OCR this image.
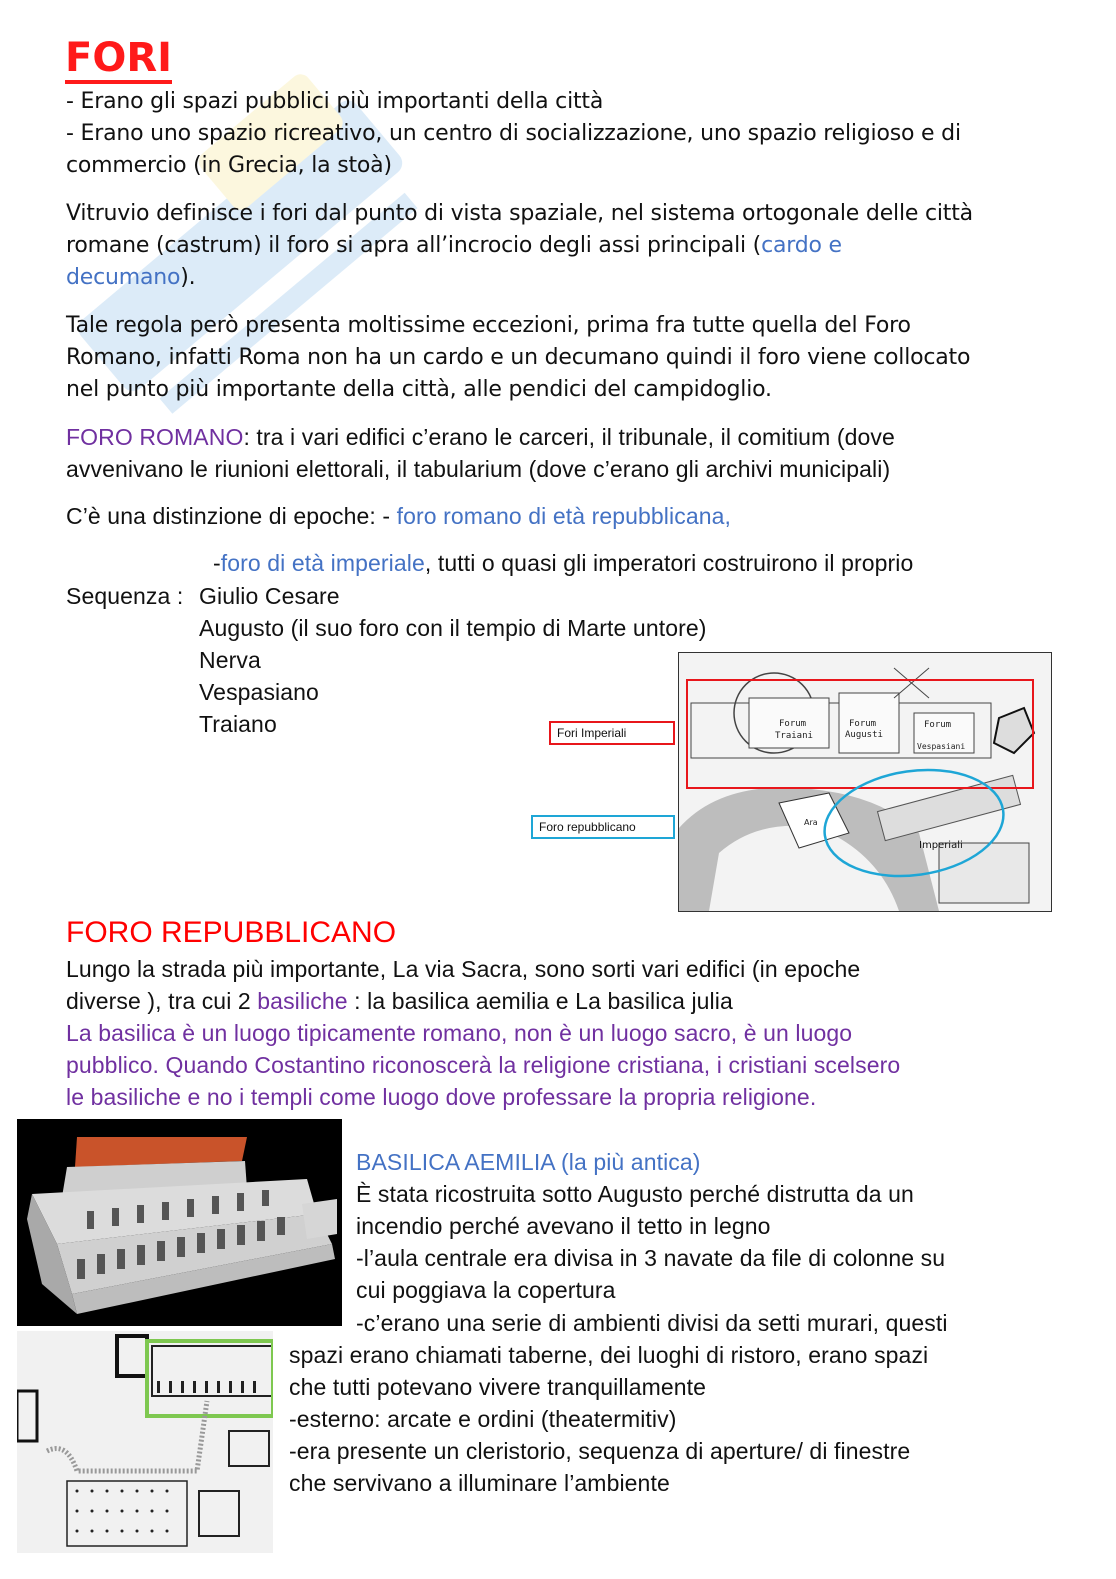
FORI
- Erano gli spazi pubblici più importanti della città
- Erano uno spazio ricreativo, un centro di socializzazione, uno spazio religioso e di
commercio (in Grecia, la stoà)
Vitruvio definisce i fori dal punto di vista spaziale, nel sistema ortogonale delle città
romane (castrum) il foro si apra all’incrocio degli assi principali (cardo e
decumano).
Tale regola però presenta moltissime eccezioni, prima fra tutte quella del Foro
Romano, infatti Roma non ha un cardo e un decumano quindi il foro viene collocato
nel punto più importante della città, alle pendici del campidoglio.
FORO ROMANO: tra i vari edifici c’erano le carceri, il tribunale, il comitium (dove
avvenivano le riunioni elettorali, il tabularium (dove c’erano gli archivi municipali)
C’è una distinzione di epoche: - foro romano di età repubblicana,
-foro di età imperiale, tutti o quasi gli imperatori costruirono il proprio
Sequenza : Giulio Cesare
Augusto (il suo foro con il tempio di Marte untore)
Nerva
Vespasiano
Traiano	Fori Imperiali
Foro repubblicano
Forum
Traiani
Forum
Augusti
Forum
Vespasiani
Ara
Imperiali
FORO REPUBBLICANO
Lungo la strada più importante, La via Sacra, sono sorti vari edifici (in epoche
diverse ), tra cui 2 basiliche : la basilica aemilia e La basilica julia
La basilica è un luogo tipicamente romano, non è un luogo sacro, è un luogo
pubblico. Quando Costantino riconoscerà la religione cristiana, i cristiani scelsero
le basiliche e no i templi come luogo dove professare la propria religione.
BASILICA AEMILIA (la più antica)
È stata ricostruita sotto Augusto perché distrutta da un
incendio perché avevano il tetto in legno
-l’aula centrale era divisa in 3 navate da file di colonne su
cui poggiava la copertura
-c’erano una serie di ambienti divisi da setti murari, questi
spazi erano chiamati taberne, dei luoghi di ristoro, erano spazi
che tutti potevano vivere tranquillamente
-esterno: arcate e ordini (theatermitiv)
-era presente un cleristorio, sequenza di aperture/ di finestre
che servivano a illuminare l’ambiente
